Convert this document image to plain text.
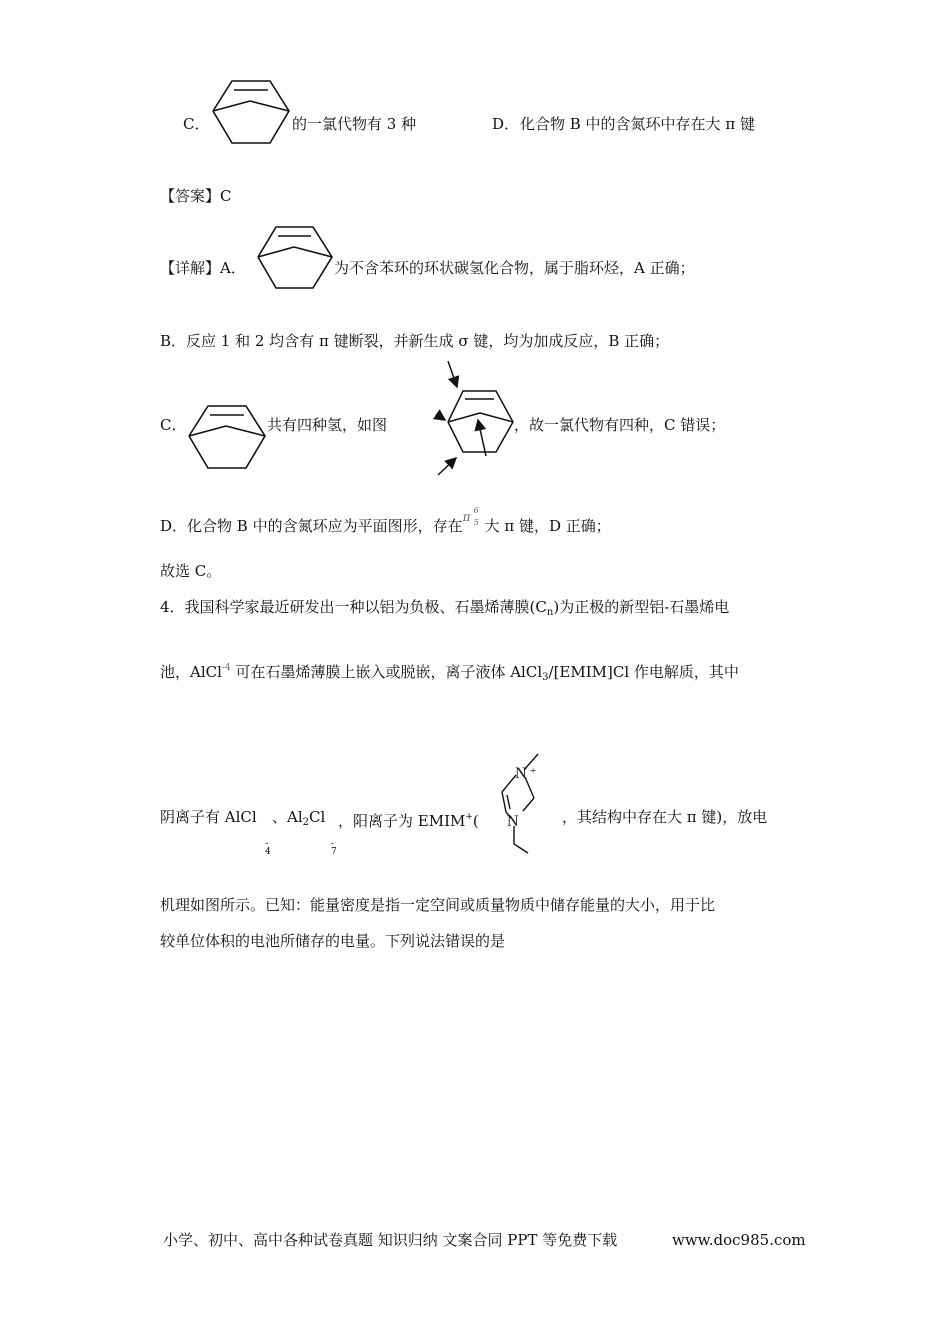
C．	的一氯代物有 3 种	D． 化合物 B 中的含氮环中存在大 π 键
【答案】C
【详解】A．	为不含苯环的环状碳氢化合物，属于脂环烃，A 正确；
B．反应 1 和 2 均含有 π 键断裂，并新生成 σ 键，均为加成反应，B 正确；
C．	共有四种氢，如图	，故一氯代物有四种，C 错误；
D．化合物 B 中的含氮环应为平面图形，存在 π 6
5 大 π 键，D 正确；
故选 C。
4．我国科学家最近研发出一种以铝为负极、石墨烯薄膜$(C_n)$为正极的新型铝-石墨烯电
池，AlCl$^{-4}$ 可在石墨烯薄膜上嵌入或脱嵌，离子液体 AlCl$_3$/[EMIM]Cl 作电解质，其中
阴离子有 AlCl
-
4
、$Al_2Cl$
-
7
，阳离子为 EMIM+(
N +
N	，其结构中存在大 π 键)，放电
机理如图所示。已知：能量密度是指一定空间或质量物质中储存能量的大小，用于比
较单位体积的电池所储存的电量。下列说法错误的是
小学、初中、高中各种试卷真题 知识归纳 文案合同 PPT 等免费下载	www.doc985.com
